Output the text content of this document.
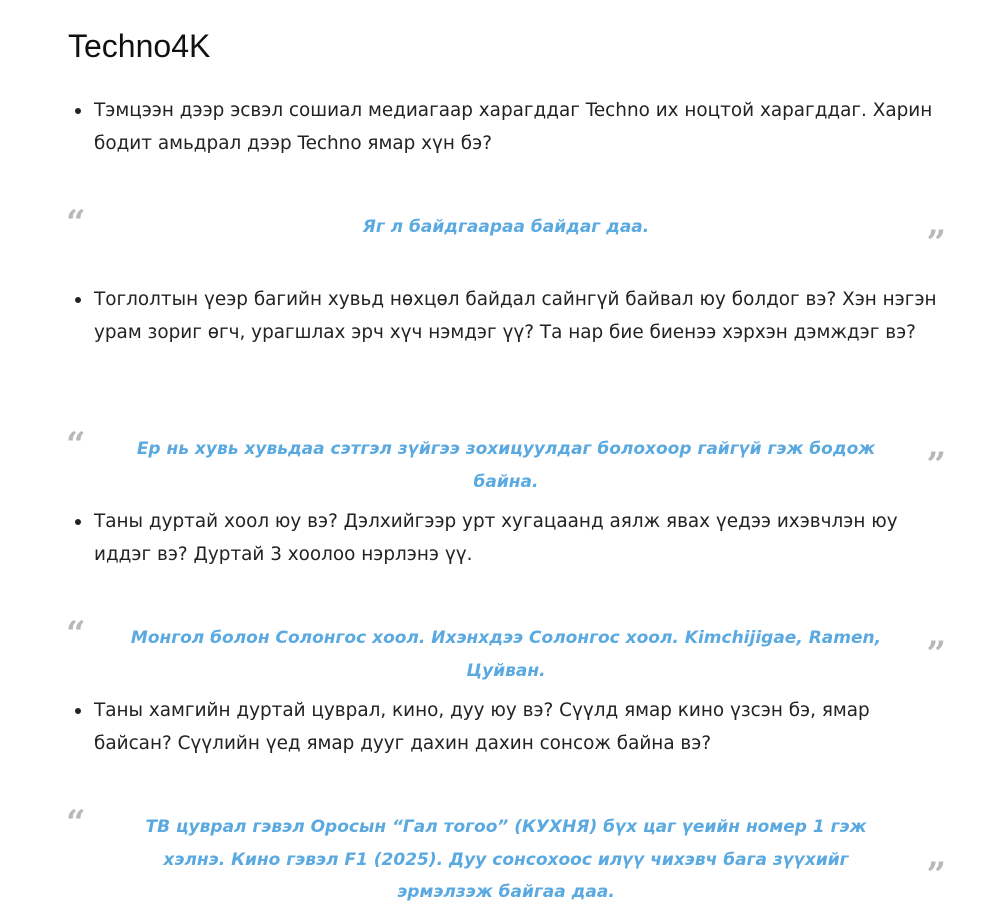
Techno4K
Тэмцээн дээр эсвэл сошиал медиагаар харагддаг Techno их ноцтой харагддаг. Харин бодит амьдрал дээр Techno ямар хүн бэ?
“	Яг л байдгаараа байдаг даа.	”
Тоглолтын үеэр багийн хувьд нөхцөл байдал сайнгүй байвал юу болдог вэ? Хэн нэгэн урам зориг өгч, урагшлах эрч хүч нэмдэг үү? Та нар бие биенээ хэрхэн дэмждэг вэ?
“	Ер нь хувь хувьдаа сэтгэл зүйгээ зохицуулдаг болохоор гайгүй гэж бодож байна.	”
Таны дуртай хоол юу вэ? Дэлхийгээр урт хугацаанд аялж явах үедээ ихэвчлэн юу иддэг вэ? Дуртай 3 хоолоо нэрлэнэ үү.
“	Монгол болон Солонгос хоол. Ихэнхдээ Солонгос хоол. Kimchijigae, Ramen, Цуйван.	”
Таны хамгийн дуртай цуврал, кино, дуу юу вэ? Сүүлд ямар кино үзсэн бэ, ямар байсан? Сүүлийн үед ямар дууг дахин дахин сонсож байна вэ?
“	ТВ цуврал гэвэл Оросын “Гал тогоо” (КУХНЯ) бүх цаг үеийн номер 1 гэж хэлнэ. Кино гэвэл F1 (2025). Дуу сонсохоос илүү чихэвч бага зүүхийг эрмэлзэж байгаа даа.	”
